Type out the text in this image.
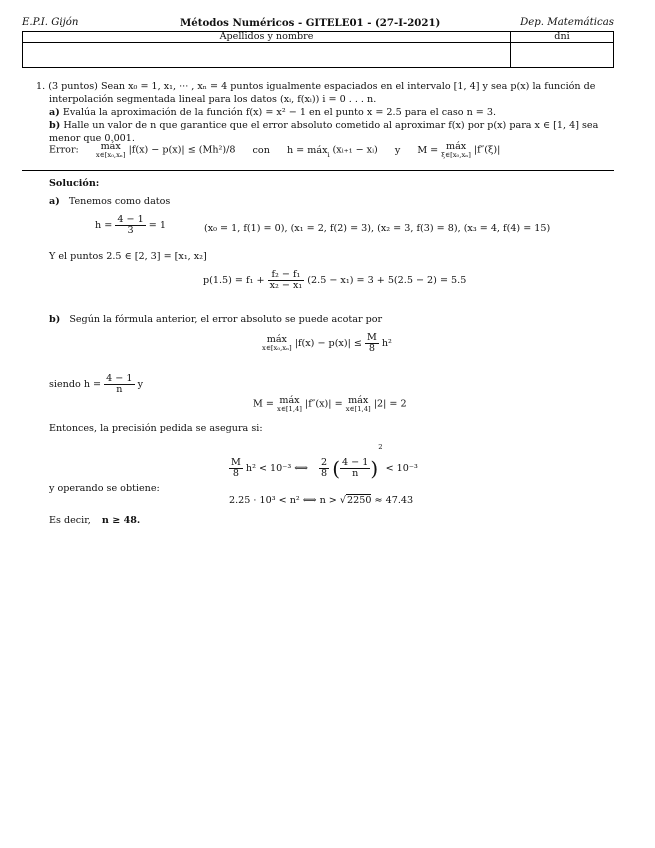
E.P.I. Gijón	Métodos Numéricos - GITELE01 - (27-I-2021)	Dep. Matemáticas
Apellidos y nombre	dni

1. (3 puntos) Sean x₀ = 1, x₁, ··· , xₙ = 4 puntos igualmente espaciados en el intervalo [1, 4] y sea p(x) la función de
interpolación segmentada lineal para los datos (xᵢ, f(xᵢ)) i = 0 . . . n.
a) Evalúa la aproximación de la función f(x) = x² − 1 en el punto x = 2.5 para el caso n = 3.
b) Halle un valor de n que garantice que el error absoluto cometido al aproximar f(x) por p(x) para x ∈ [1, 4] sea
menor que 0.001.
Error: máx
x∈[x₀,xₙ] |f(x) − p(x)| ≤ (Mh²)/8 con h = máx i (xᵢ₊₁ − xᵢ) y M = máx
ξ∈[x₀,xₙ] |f″(ξ)|
Solución:
a) Tenemos como datos
$h = \frac{4 - 1}{3} = 1$	(x₀ = 1, f(1) = 0), (x₁ = 2, f(2) = 3), (x₂ = 3, f(3) = 8), (x₃ = 4, f(4) = 15)
Y el puntos 2.5 ∈ [2, 3] = [x₁, x₂]
$p(1.5) = f_1 + \frac{\text{f₂ − f₁}}{\text{x₂ − x₁}} (2.5 - x_1) = 3 + 5(2.5 - 2) = 5.5$
b) Según la fórmula anterior, el error absoluto se puede acotar por
máx
x∈[x₀,xₙ] $|f(x) - p(x)| \le \frac{M}{8} h^2$
siendo $h = \frac{4 - 1}{n}$ y
M = máx
x∈[1,4] |f″(x)| = máx
x∈[1,4] |2| = 2
Entonces, la precisión pedida se asegura si:
$\frac{M}{8} h^2 < 10^{-3}$ ⟺ $\frac{2}{8}$ ( $\frac{4 - 1}{n} )^2 < 10^{-3}$
y operando se obtiene:
2.25 · 10³ < n² ⟺ n > √2250 ≈ 47.43
Es decir, n ≥ 48.
